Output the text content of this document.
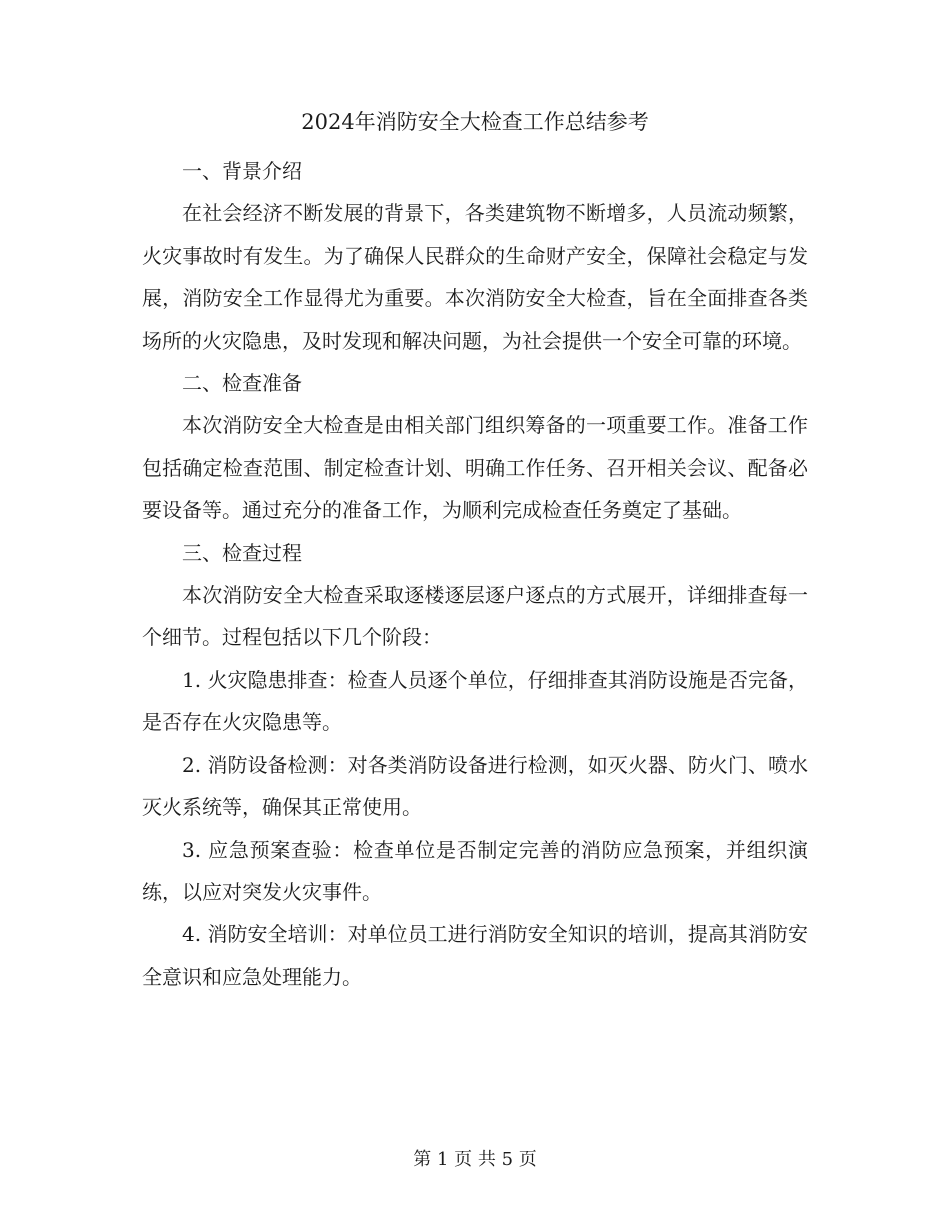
2024年消防安全大检查工作总结参考

一、背景介绍

在社会经济不断发展的背景下，各类建筑物不断增多，人员流动频繁，火灾事故时有发生。为了确保人民群众的生命财产安全，保障社会稳定与发展，消防安全工作显得尤为重要。本次消防安全大检查，旨在全面排查各类场所的火灾隐患，及时发现和解决问题，为社会提供一个安全可靠的环境。

二、检查准备

本次消防安全大检查是由相关部门组织筹备的一项重要工作。准备工作包括确定检查范围、制定检查计划、明确工作任务、召开相关会议、配备必要设备等。通过充分的准备工作，为顺利完成检查任务奠定了基础。

三、检查过程

本次消防安全大检查采取逐楼逐层逐户逐点的方式展开，详细排查每一个细节。过程包括以下几个阶段：

1. 火灾隐患排查：检查人员逐个单位，仔细排查其消防设施是否完备，是否存在火灾隐患等。

2. 消防设备检测：对各类消防设备进行检测，如灭火器、防火门、喷水灭火系统等，确保其正常使用。

3. 应急预案查验：检查单位是否制定完善的消防应急预案，并组织演练，以应对突发火灾事件。

4. 消防安全培训：对单位员工进行消防安全知识的培训，提高其消防安全意识和应急处理能力。

第 1 页 共 5 页
